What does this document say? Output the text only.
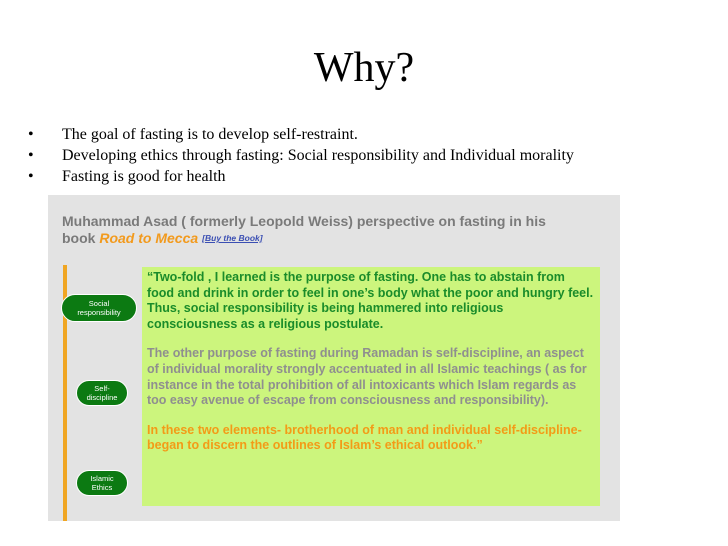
Why?
• The goal of fasting is to develop self-restraint.
• Developing ethics through fasting: Social responsibility and Individual morality
• Fasting is good for health
Muhammad Asad ( formerly Leopold Weiss) perspective on fasting in his
book Road to Mecca [Buy the Book]
Social
responsibility
Self-
discipline
Islamic
Ethics

“Two-fold , I learned is the purpose of fasting. One has to abstain from food and drink in order to feel in one’s body what the poor and hungry feel. Thus, social responsibility is being hammered into religious consciousness as a religious postulate.

The other purpose of fasting during Ramadan is self-discipline, an aspect of individual morality strongly accentuated in all Islamic teachings ( as for instance in the total prohibition of all intoxicants which Islam regards as too easy avenue of escape from consciousness and responsibility).

In these two elements- brotherhood of man and individual self-discipline-began to discern the outlines of Islam’s ethical outlook.”
